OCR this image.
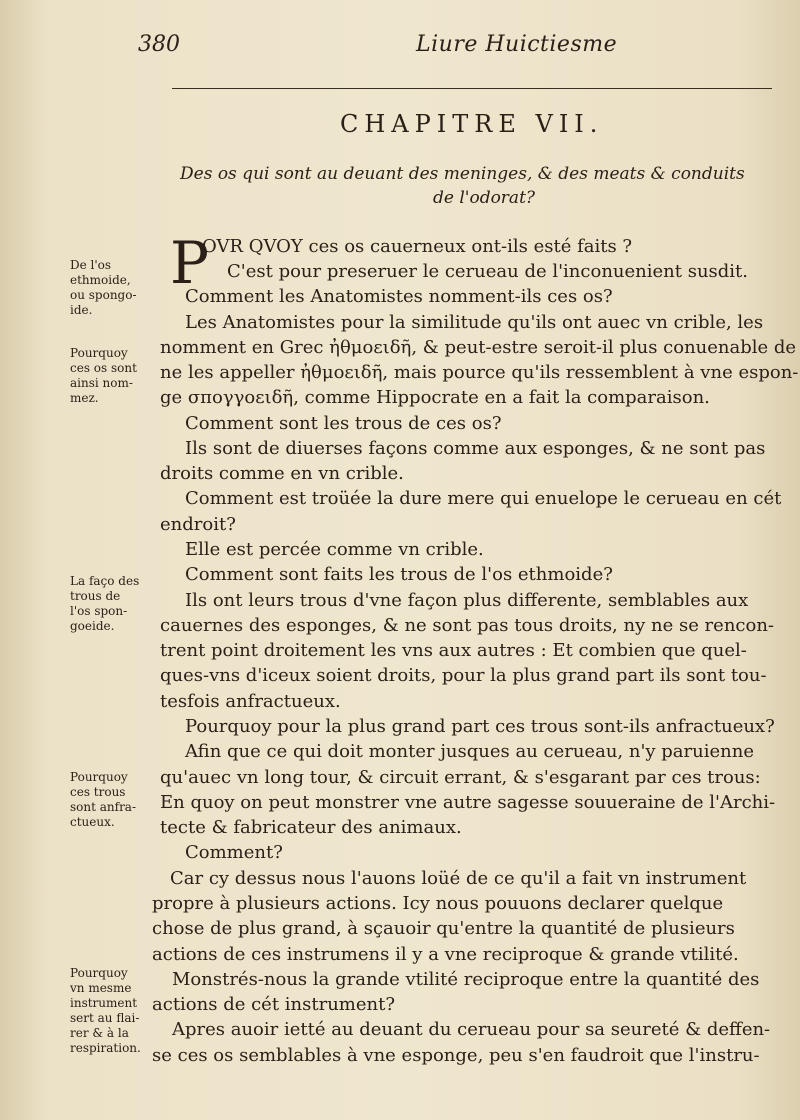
380	Liure Huictiesme
CHAPITRE VII.
Des os qui sont au deuant des meninges, & des meats & conduits
de l'odorat?
P
OVR QVOY ces os cauerneux ont-ils esté faits ?
C'est pour preseruer le cerueau de l'inconuenient susdit.
Comment les Anatomistes nomment-ils ces os?
Les Anatomistes pour la similitude qu'ils ont auec vn crible, les
nomment en Grec ἠθμοειδῆ, & peut-estre seroit-il plus conuenable de
ne les appeller ἠθμοειδῆ, mais pource qu'ils ressemblent à vne espon-
ge σπογγοειδῆ, comme Hippocrate en a fait la comparaison.
Comment sont les trous de ces os?
Ils sont de diuerses façons comme aux esponges, & ne sont pas
droits comme en vn crible.
Comment est troüée la dure mere qui enuelope le cerueau en cét
endroit?
Elle est percée comme vn crible.
Comment sont faits les trous de l'os ethmoide?
Ils ont leurs trous d'vne façon plus differente, semblables aux
cauernes des esponges, & ne sont pas tous droits, ny ne se rencon-
trent point droitement les vns aux autres : Et combien que quel-
ques-vns d'iceux soient droits, pour la plus grand part ils sont tou-
tesfois anfractueux.
Pourquoy pour la plus grand part ces trous sont-ils anfractueux?
Afin que ce qui doit monter jusques au cerueau, n'y paruienne
qu'auec vn long tour, & circuit errant, & s'esgarant par ces trous:
En quoy on peut monstrer vne autre sagesse souueraine de l'Archi-
tecte & fabricateur des animaux.
Comment?
Car cy dessus nous l'auons loüé de ce qu'il a fait vn instrument
propre à plusieurs actions. Icy nous pouuons declarer quelque
chose de plus grand, à sçauoir qu'entre la quantité de plusieurs
actions de ces instrumens il y a vne reciproque & grande vtilité.
Monstrés-nous la grande vtilité reciproque entre la quantité des
actions de cét instrument?
Apres auoir ietté au deuant du cerueau pour sa seureté & deffen-
se ces os semblables à vne esponge, peu s'en faudroit que l'instru-
De l'os
ethmoide,
ou spongo-
ide.
Pourquoy
ces os sont
ainsi nom-
mez.
La faço des
trous de
l'os spon-
goeide.
Pourquoy
ces trous
sont anfra-
ctueux.
Pourquoy
vn mesme
instrument
sert au flai-
rer & à la
respiration.
